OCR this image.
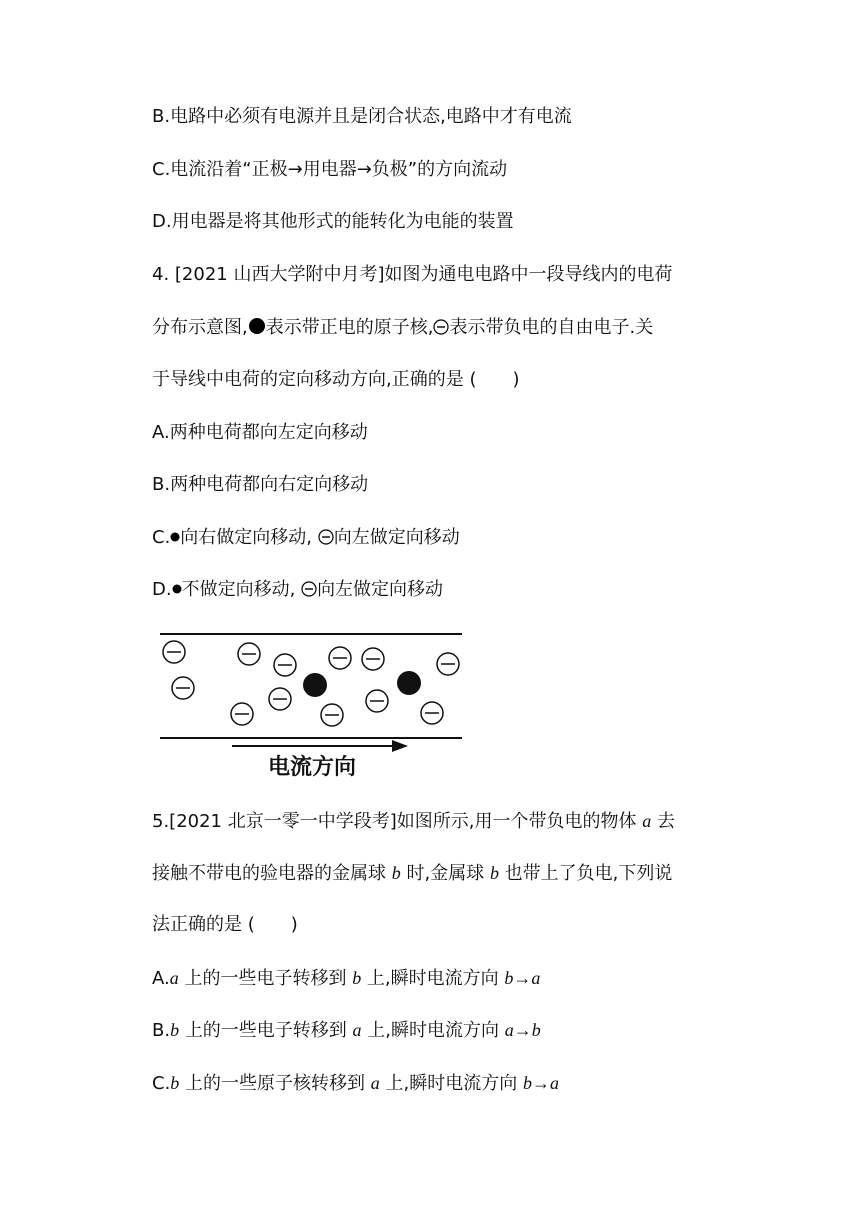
B.电路中必须有电源并且是闭合状态,电路中才有电流
C.电流沿着“正极→用电器→负极”的方向流动
D.用电器是将其他形式的能转化为电能的装置
4. [2021 山西大学附中月考]如图为通电电路中一段导线内的电荷
分布示意图, 表示带正电的原子核, 表示带负电的自由电子.关
于导线中电荷的定向移动方向,正确的是 (　　)
A.两种电荷都向左定向移动
B.两种电荷都向右定向移动
C. 向右做定向移动, 向左做定向移动
D. 不做定向移动, 向左做定向移动
电流方向
5.[2021 北京一零一中学段考]如图所示,用一个带负电的物体 a 去
接触不带电的验电器的金属球 b 时,金属球 b 也带上了负电,下列说
法正确的是 (　　)
A.a 上的一些电子转移到 b 上,瞬时电流方向 b→a
B.b 上的一些电子转移到 a 上,瞬时电流方向 a→b
C.b 上的一些原子核转移到 a 上,瞬时电流方向 b→a
